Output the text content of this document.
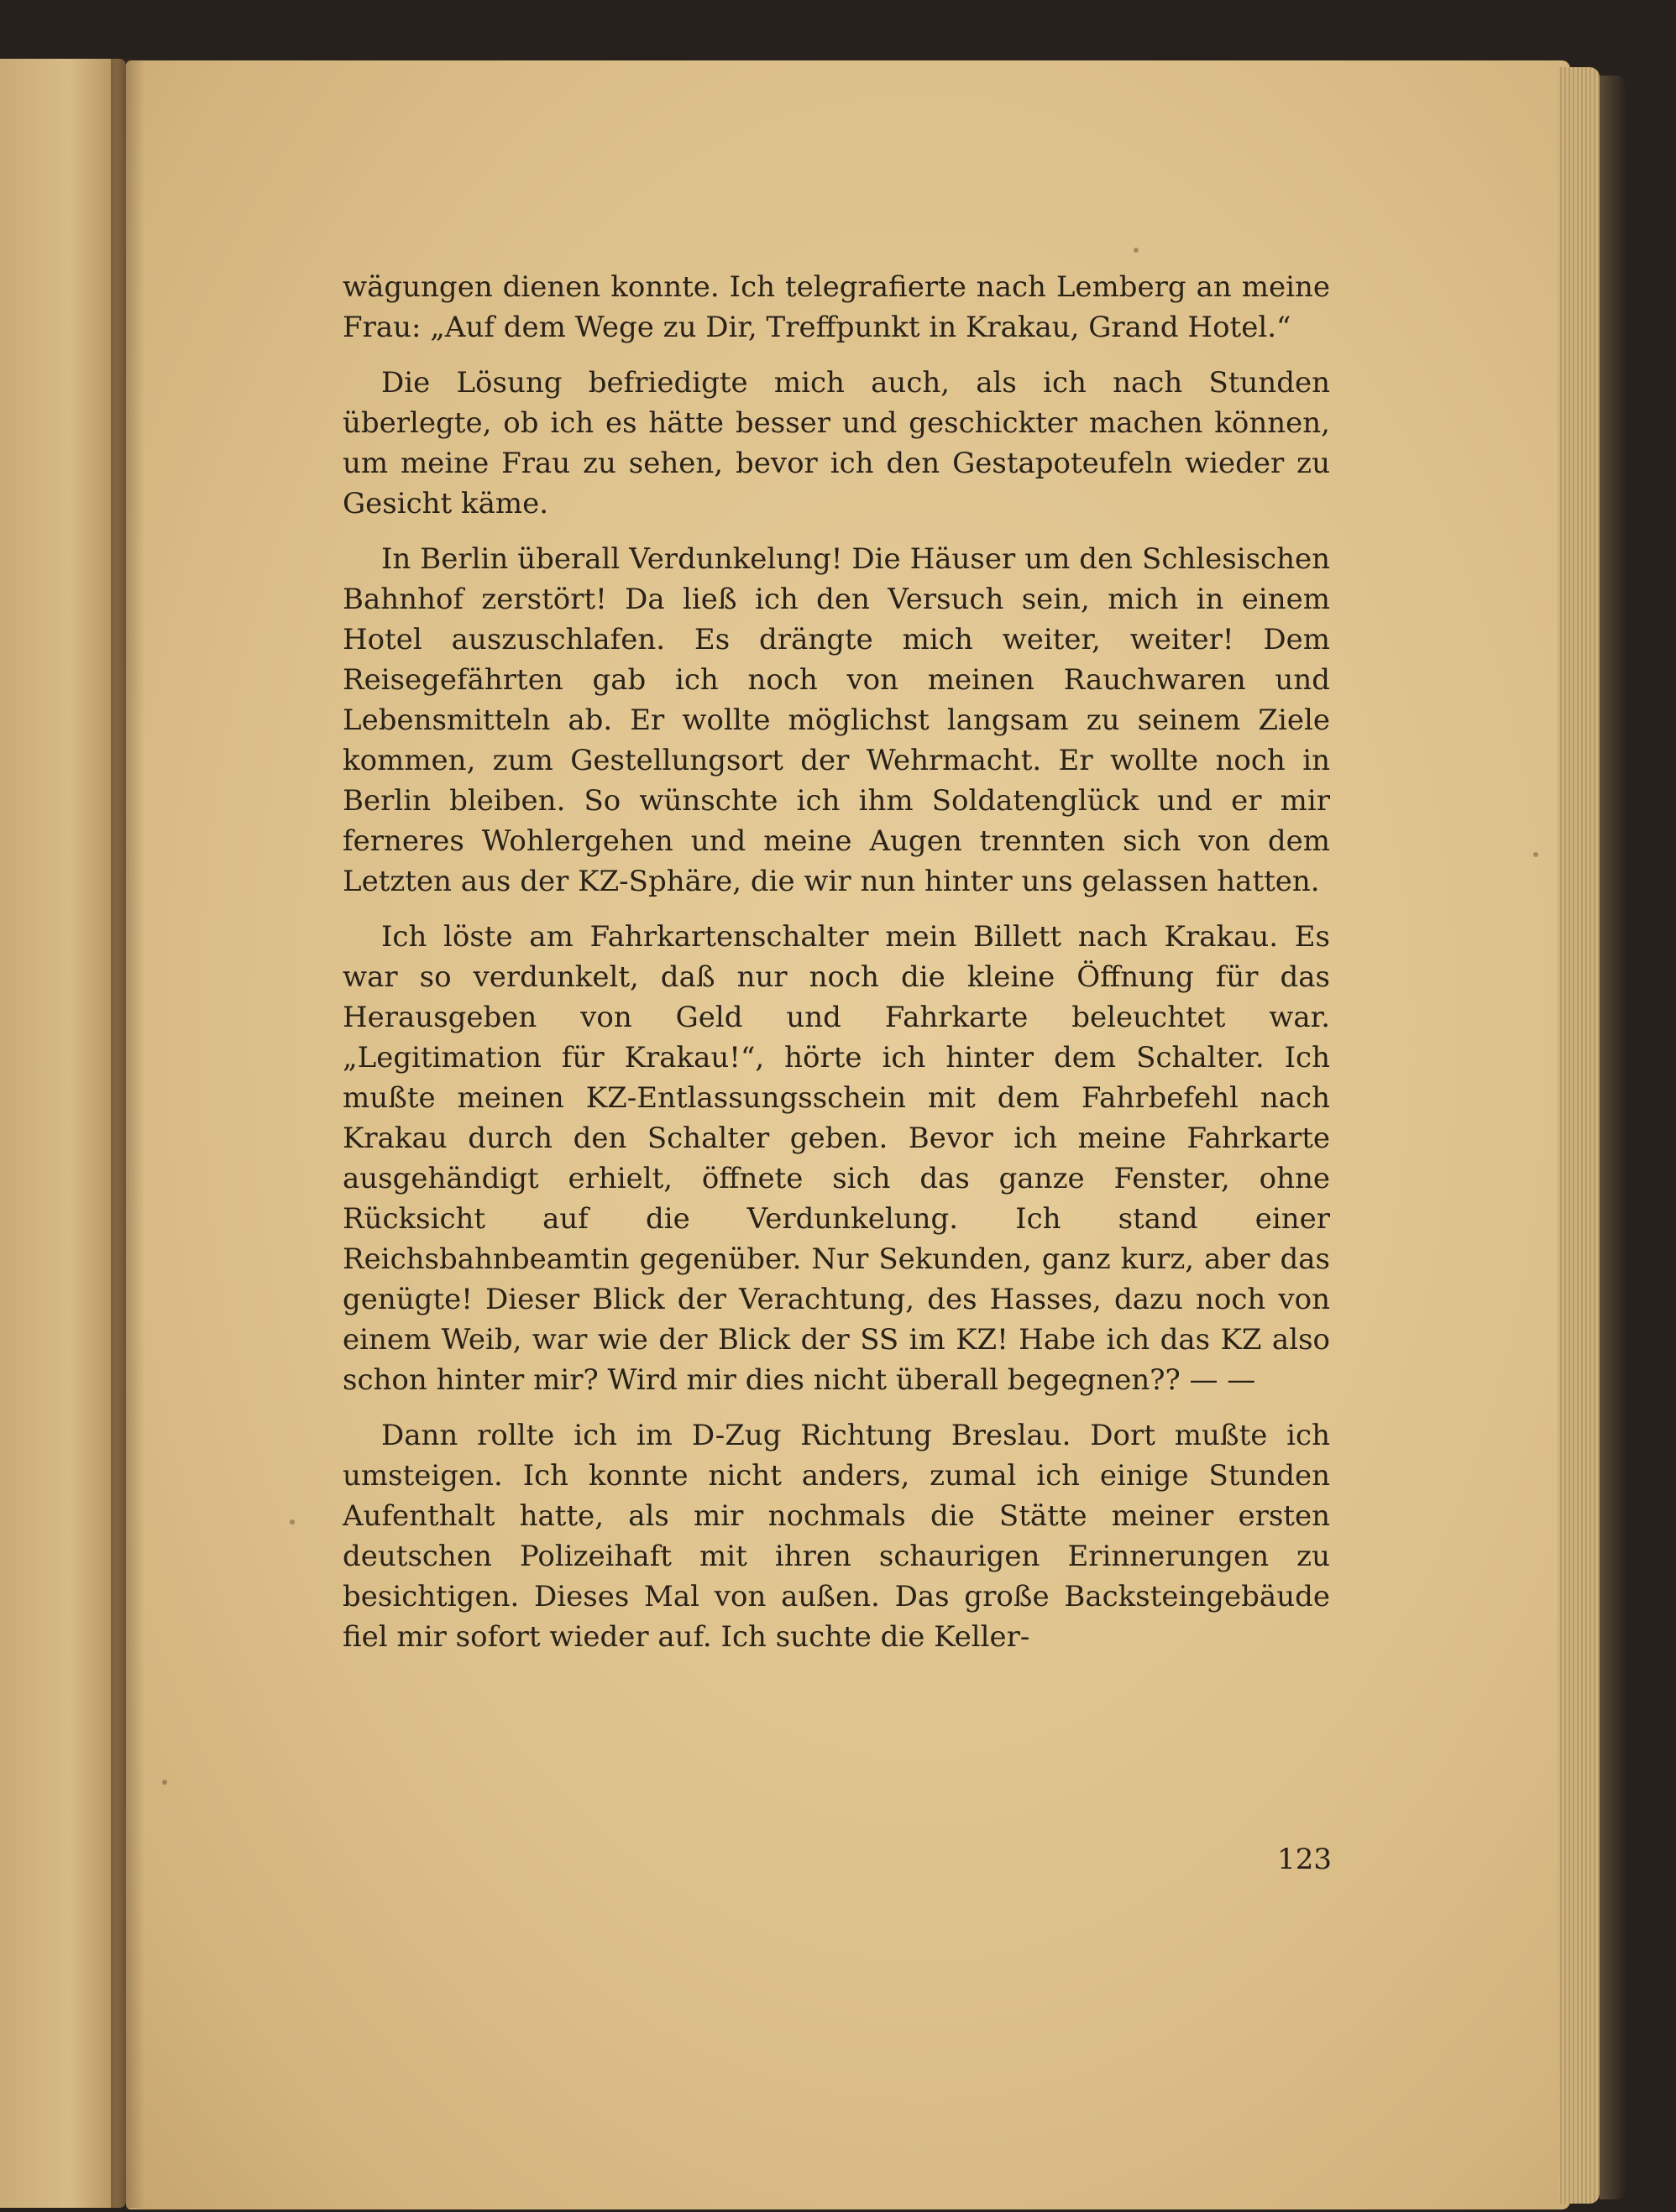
wägungen dienen konnte. Ich telegrafierte nach Lemberg an meine Frau: „Auf dem Wege zu Dir, Treffpunkt in Krakau, Grand Hotel.“

Die Lösung befriedigte mich auch, als ich nach Stunden überlegte, ob ich es hätte besser und geschickter machen können, um meine Frau zu sehen, bevor ich den Gestapoteufeln wieder zu Gesicht käme.

In Berlin überall Verdunkelung! Die Häuser um den Schlesischen Bahnhof zerstört! Da ließ ich den Versuch sein, mich in einem Hotel auszuschlafen. Es drängte mich weiter, weiter! Dem Reisegefährten gab ich noch von meinen Rauchwaren und Lebensmitteln ab. Er wollte möglichst langsam zu seinem Ziele kommen, zum Gestellungsort der Wehrmacht. Er wollte noch in Berlin bleiben. So wünschte ich ihm Soldatenglück und er mir ferneres Wohlergehen und meine Augen trennten sich von dem Letzten aus der KZ-Sphäre, die wir nun hinter uns gelassen hatten.

Ich löste am Fahrkartenschalter mein Billett nach Krakau. Es war so verdunkelt, daß nur noch die kleine Öffnung für das Herausgeben von Geld und Fahrkarte beleuchtet war. „Legitimation für Krakau!“, hörte ich hinter dem Schalter. Ich mußte meinen KZ-Entlassungsschein mit dem Fahrbefehl nach Krakau durch den Schalter geben. Bevor ich meine Fahrkarte ausgehändigt erhielt, öffnete sich das ganze Fenster, ohne Rücksicht auf die Verdunkelung. Ich stand einer Reichsbahnbeamtin gegenüber. Nur Sekunden, ganz kurz, aber das genügte! Dieser Blick der Verachtung, des Hasses, dazu noch von einem Weib, war wie der Blick der SS im KZ! Habe ich das KZ also schon hinter mir? Wird mir dies nicht überall begegnen?? — —

Dann rollte ich im D-Zug Richtung Breslau. Dort mußte ich umsteigen. Ich konnte nicht anders, zumal ich einige Stunden Aufenthalt hatte, als mir nochmals die Stätte meiner ersten deutschen Polizeihaft mit ihren schaurigen Erinnerungen zu besichtigen. Dieses Mal von außen. Das große Backsteingebäude fiel mir sofort wieder auf. Ich suchte die Keller-

123
